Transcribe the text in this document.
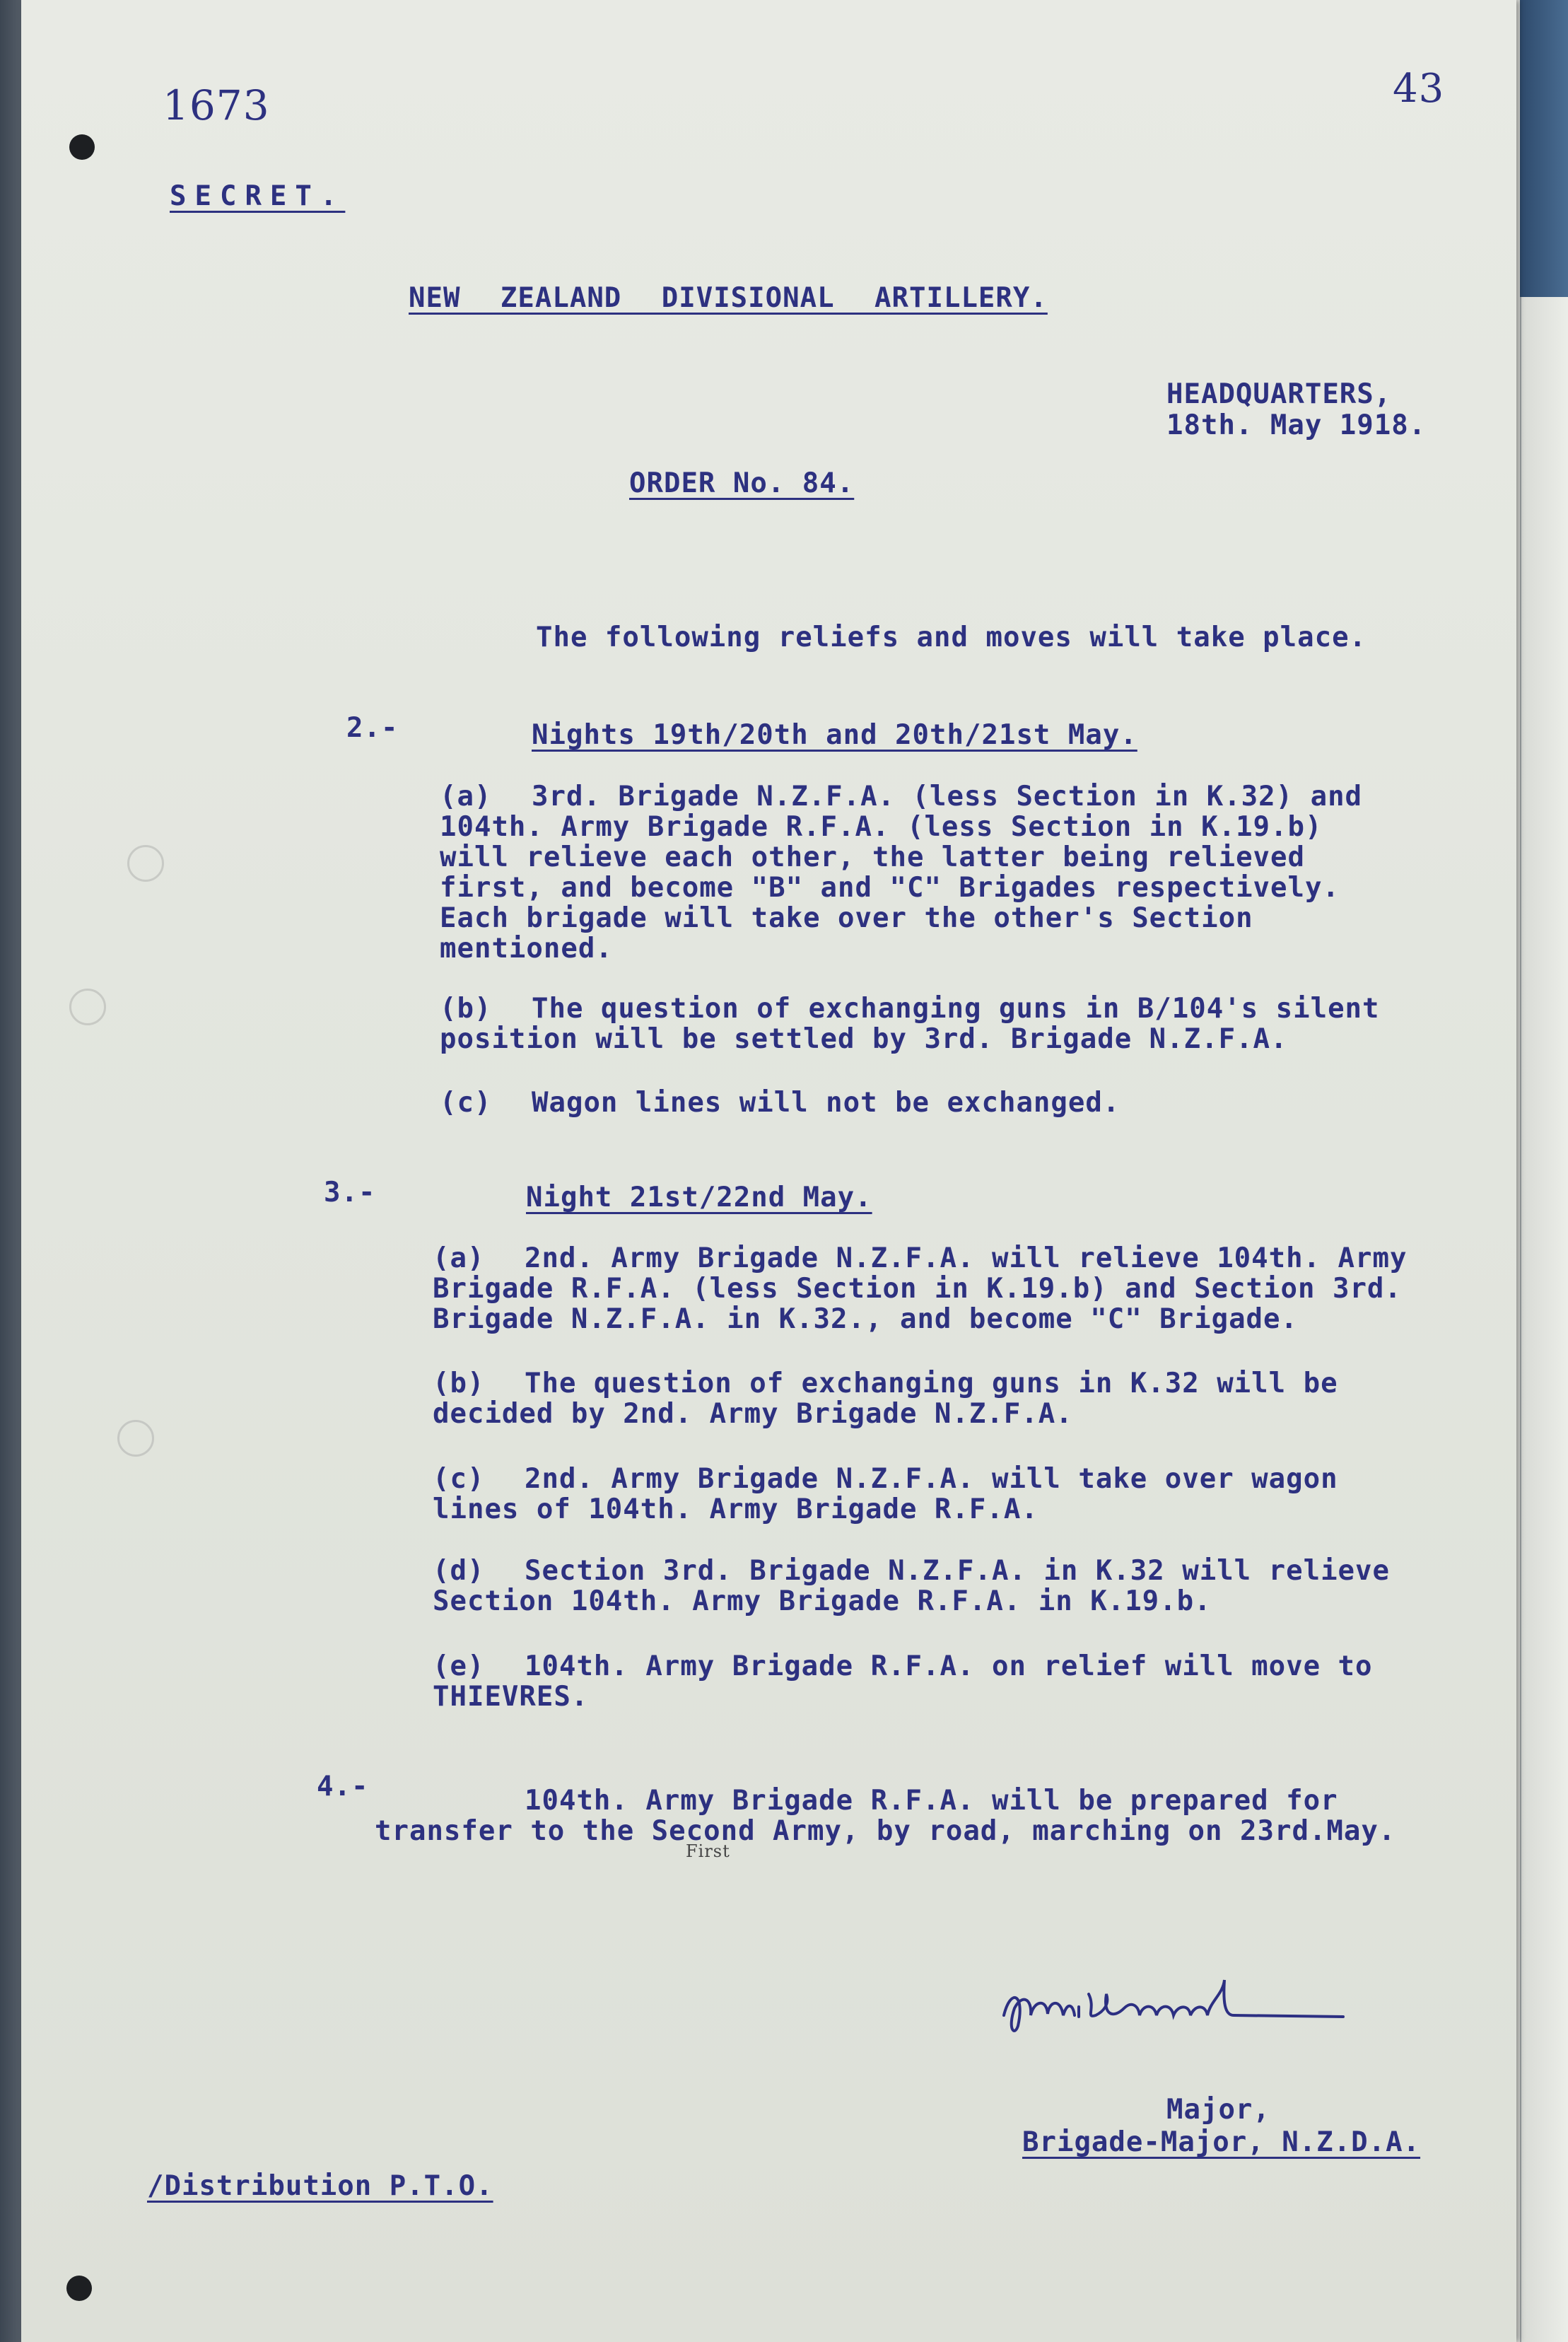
1673	43
SECRET.
NEW ZEALAND DIVISIONAL ARTILLERY.
HEADQUARTERS,
18th. May 1918.
ORDER No. 84.
The following reliefs and moves will take place.
2.-	Nights 19th/20th and 20th/21st May.
(a) 3rd. Brigade N.Z.F.A. (less Section in K.32) and
104th. Army Brigade R.F.A. (less Section in K.19.b)
will relieve each other, the latter being relieved
first, and become "B" and "C" Brigades respectively.
Each brigade will take over the other's Section
mentioned.
(b) The question of exchanging guns in B/104's silent
position will be settled by 3rd. Brigade N.Z.F.A.
(c) Wagon lines will not be exchanged.
3.-	Night 21st/22nd May.
(a) 2nd. Army Brigade N.Z.F.A. will relieve 104th. Army
Brigade R.F.A. (less Section in K.19.b) and Section 3rd.
Brigade N.Z.F.A. in K.32., and become "C" Brigade.
(b) The question of exchanging guns in K.32 will be
decided by 2nd. Army Brigade N.Z.F.A.
(c) 2nd. Army Brigade N.Z.F.A. will take over wagon
lines of 104th. Army Brigade R.F.A.
(d) Section 3rd. Brigade N.Z.F.A. in K.32 will relieve
Section 104th. Army Brigade R.F.A. in K.19.b.
(e) 104th. Army Brigade R.F.A. on relief will move to
THIEVRES.
4.-	104th. Army Brigade R.F.A. will be prepared for
transfer to the Second Army, by road, marching on 23rd.May.
First
Major,
Brigade-Major, N.Z.D.A.
/Distribution P.T.O.
